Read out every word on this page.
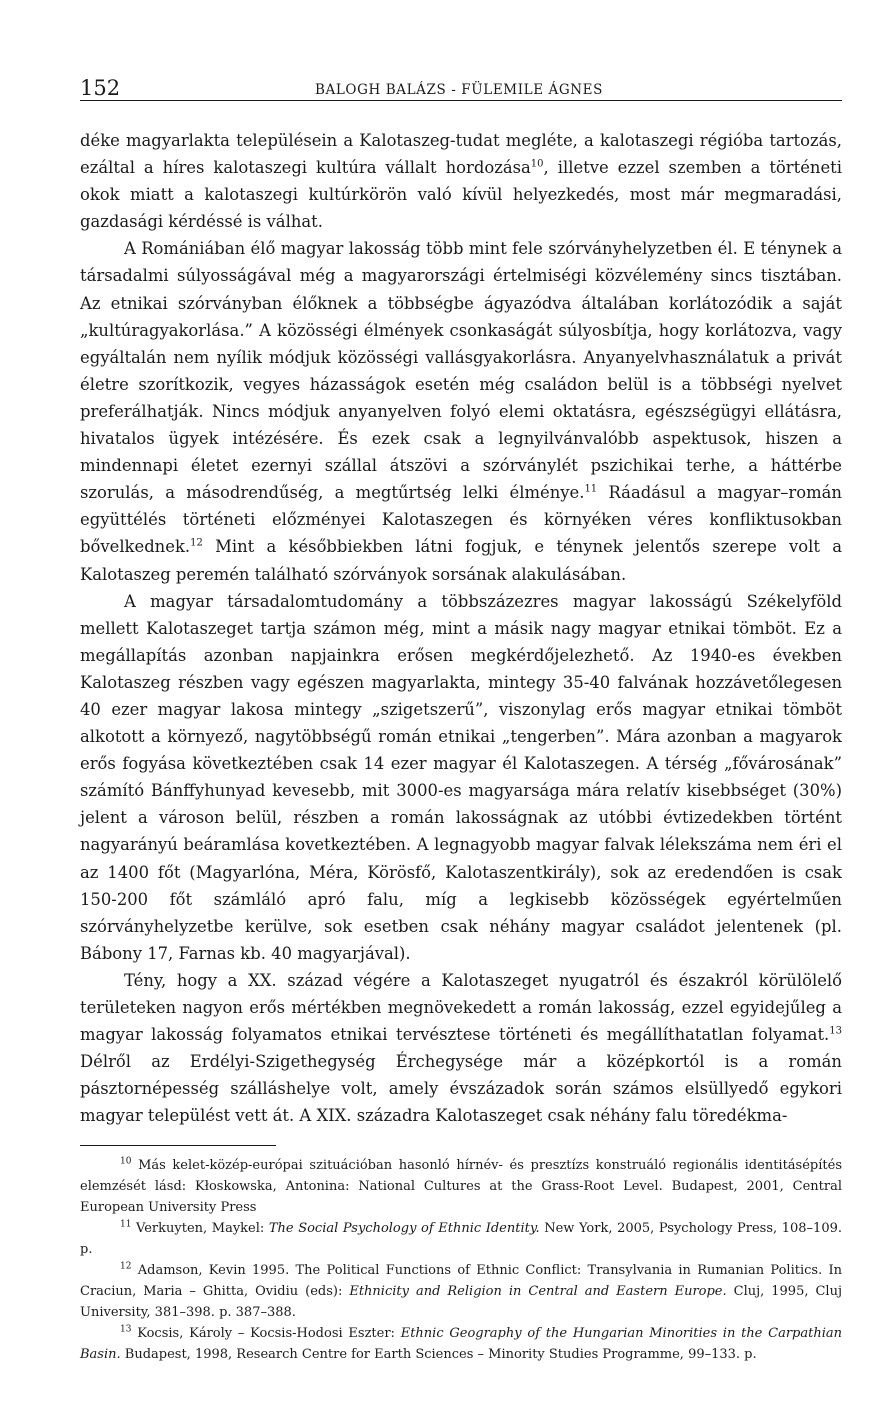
152	BALOGH BALÁZS - FÜLEMILE ÁGNES

déke magyarlakta településein a Kalotaszeg-tudat megléte, a kalotaszegi régióba tartozás, ezáltal a híres kalotaszegi kultúra vállalt hordozása$^{10}$, illetve ezzel szemben a történeti okok miatt a kalotaszegi kultúrkörön való kívül helyezkedés, most már megmaradási, gazdasági kérdéssé is válhat.

A Romániában élő magyar lakosság több mint fele szórványhelyzetben él. E ténynek a társadalmi súlyosságával még a magyarországi értelmiségi közvélemény sincs tisztában. Az etnikai szórványban élőknek a többségbe ágyazódva általában korlátozódik a saját „kultúragyakorlása.” A közösségi élmények csonkaságát súlyosbítja, hogy korlátozva, vagy egyáltalán nem nyílik módjuk közösségi vallásgyakorlásra. Anyanyelvhasználatuk a privát életre szorítkozik, vegyes házasságok esetén még családon belül is a többségi nyelvet preferálhatják. Nincs módjuk anyanyelven folyó elemi oktatásra, egészségügyi ellátásra, hivatalos ügyek intézésére. És ezek csak a legnyilvánvalóbb aspektusok, hiszen a mindennapi életet ezernyi szállal átszövi a szórványlét pszichikai terhe, a háttérbe szorulás, a másodrendűség, a megtűrtség lelki élménye.$^{11}$ Ráadásul a magyar–román együttélés történeti előzményei Kalotaszegen és környéken véres konfliktusokban bővelkednek.$^{12}$ Mint a későbbiekben látni fogjuk, e ténynek jelentős szerepe volt a Kalotaszeg peremén található szórványok sorsának alakulásában.

A magyar társadalomtudomány a többszázezres magyar lakosságú Székelyföld mellett Kalotaszeget tartja számon még, mint a másik nagy magyar etnikai tömböt. Ez a megállapítás azonban napjainkra erősen megkérdőjelezhető. Az 1940-es években Kalotaszeg részben vagy egészen magyarlakta, mintegy 35-40 falvának hozzávetőlegesen 40 ezer magyar lakosa mintegy „szigetszerű”, viszonylag erős magyar etnikai tömböt alkotott a környező, nagytöbbségű román etnikai „tengerben”. Mára azonban a magyarok erős fogyása következtében csak 14 ezer magyar él Kalotaszegen. A térség „fővárosának” számító Bánffyhunyad kevesebb, mit 3000-es magyarsága mára relatív kisebbséget (30%) jelent a városon belül, részben a román lakosságnak az utóbbi évtizedekben történt nagyarányú beáramlása kovetkeztében. A legnagyobb magyar falvak lélekszáma nem éri el az 1400 főt (Magyarlóna, Méra, Körösfő, Kalotaszentkirály), sok az eredendően is csak 150-200 főt számláló apró falu, míg a legkisebb közösségek egyértelműen szórványhelyzetbe kerülve, sok esetben csak néhány magyar családot jelentenek (pl. Bábony 17, Farnas kb. 40 magyarjával).

Tény, hogy a XX. század végére a Kalotaszeget nyugatról és északról körülölelő területeken nagyon erős mértékben megnövekedett a román lakosság, ezzel egyidejűleg a magyar lakosság folyamatos etnikai tervésztese történeti és megállíthatatlan folyamat.$^{13}$ Délről az Erdélyi-Szigethegység Érchegysége már a középkortól is a román pásztornépesség szálláshelye volt, amely évszázadok során számos elsüllyedő egykori magyar települést vett át. A XIX. századra Kalotaszeget csak néhány falu töredékma-

$^{10}$ Más kelet-közép-európai szituációban hasonló hírnév- és presztízs konstruáló regionális identitásépítés elemzését lásd: Kłoskowska, Antonina: National Cultures at the Grass-Root Level. Budapest, 2001, Central European University Press

$^{11}$ Verkuyten, Maykel: The Social Psychology of Ethnic Identity. New York, 2005, Psychology Press, 108–109. p.

$^{12}$ Adamson, Kevin 1995. The Political Functions of Ethnic Conflict: Transylvania in Rumanian Politics. In Craciun, Maria – Ghitta, Ovidiu (eds): Ethnicity and Religion in Central and Eastern Europe. Cluj, 1995, Cluj University, 381–398. p. 387–388.

$^{13}$ Kocsis, Károly – Kocsis-Hodosi Eszter: Ethnic Geography of the Hungarian Minorities in the Carpathian Basin. Budapest, 1998, Research Centre for Earth Sciences – Minority Studies Programme, 99–133. p.
